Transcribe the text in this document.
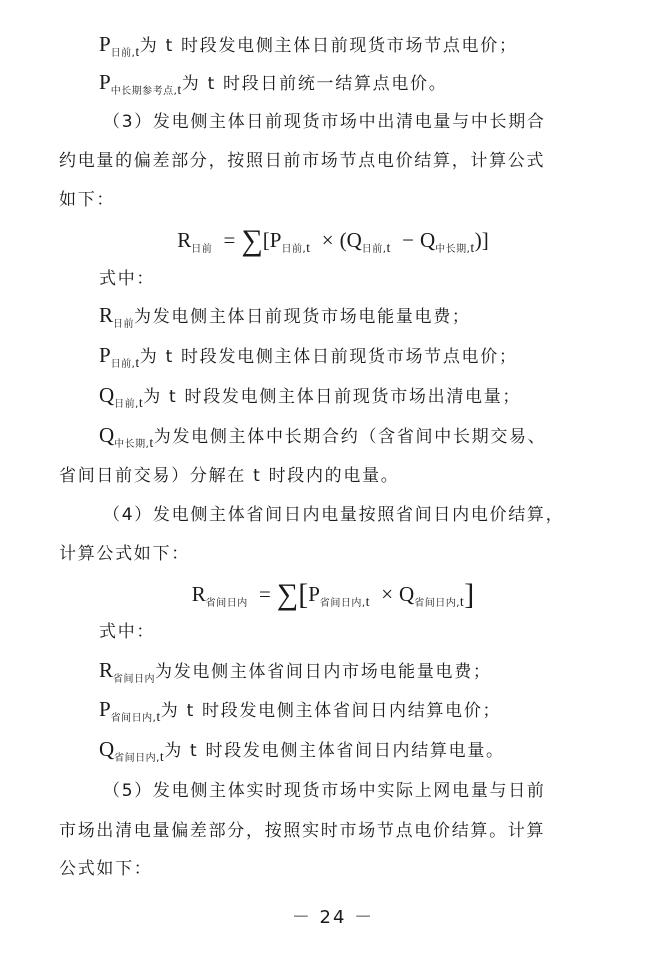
$P_{日前,t}$为 t 时段发电侧主体日前现货市场节点电价；
$P_{中长期参考点,t}$为 t 时段日前统一结算点电价。
（3）发电侧主体日前现货市场中出清电量与中长期合
约电量的偏差部分，按照日前市场节点电价结算，计算公式
如下：
$R_{日前} = \sum[P_{日前,t} \times (Q_{日前,t} - Q_{中长期,t})]$
式中：
$R_{日前}$为发电侧主体日前现货市场电能量电费；
$P_{日前,t}$为 t 时段发电侧主体日前现货市场节点电价；
$Q_{日前,t}$为 t 时段发电侧主体日前现货市场出清电量；
$Q_{中长期,t}$为发电侧主体中长期合约（含省间中长期交易、
省间日前交易）分解在 t 时段内的电量。
（4）发电侧主体省间日内电量按照省间日内电价结算，
计算公式如下：
$R_{省间日内} = \sum[P_{省间日内,t} \times Q_{省间日内,t}]$
式中：
$R_{省间日内}$为发电侧主体省间日内市场电能量电费；
$P_{省间日内,t}$为 t 时段发电侧主体省间日内结算电价；
$Q_{省间日内,t}$为 t 时段发电侧主体省间日内结算电量。
（5）发电侧主体实时现货市场中实际上网电量与日前
市场出清电量偏差部分，按照实时市场节点电价结算。计算
公式如下：
－ 24 －
